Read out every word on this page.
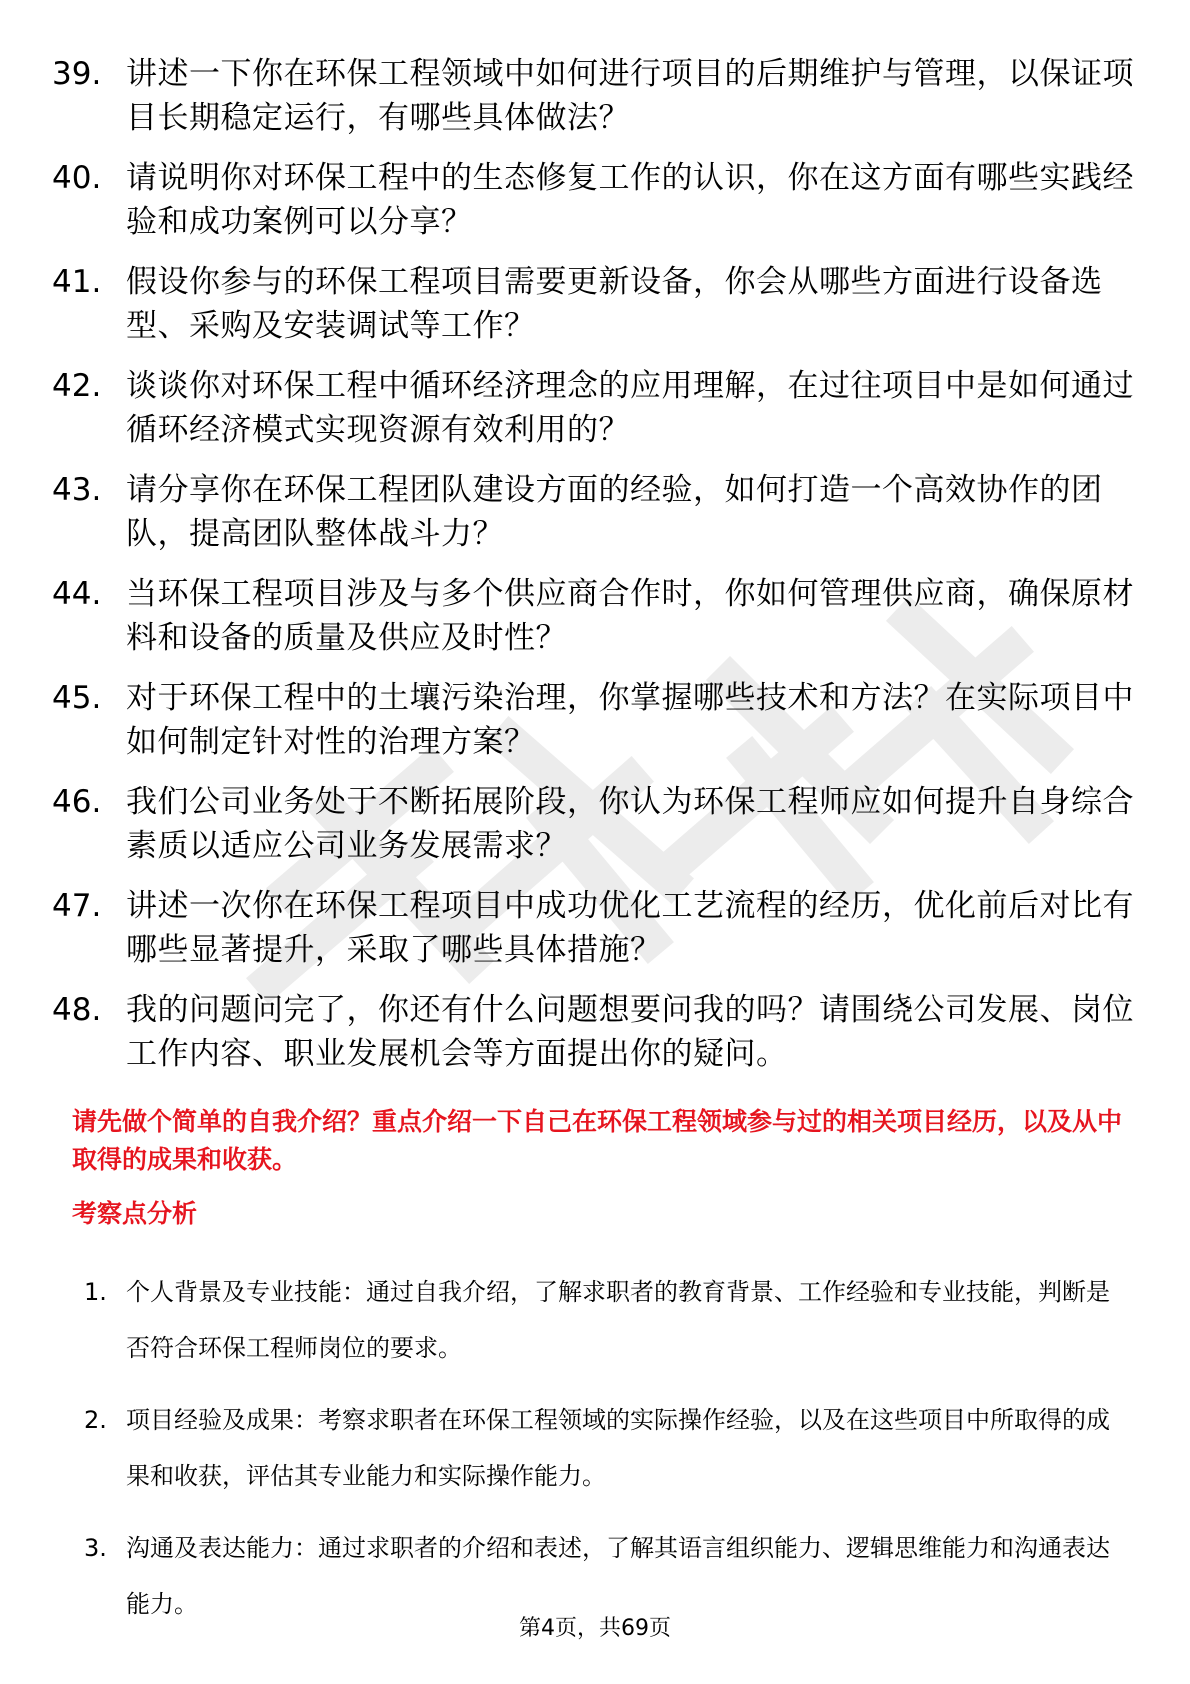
39. 讲述一下你在环保工程领域中如何进行项目的后期维护与管理，以保证项目长期稳定运行，有哪些具体做法？
40. 请说明你对环保工程中的生态修复工作的认识，你在这方面有哪些实践经验和成功案例可以分享？
41. 假设你参与的环保工程项目需要更新设备，你会从哪些方面进行设备选型、采购及安装调试等工作？
42. 谈谈你对环保工程中循环经济理念的应用理解，在过往项目中是如何通过循环经济模式实现资源有效利用的？
43. 请分享你在环保工程团队建设方面的经验，如何打造一个高效协作的团队，提高团队整体战斗力？
44. 当环保工程项目涉及与多个供应商合作时，你如何管理供应商，确保原材料和设备的质量及供应及时性？
45. 对于环保工程中的土壤污染治理，你掌握哪些技术和方法？在实际项目中如何制定针对性的治理方案？
46. 我们公司业务处于不断拓展阶段，你认为环保工程师应如何提升自身综合素质以适应公司业务发展需求？
47. 讲述一次你在环保工程项目中成功优化工艺流程的经历，优化前后对比有哪些显著提升，采取了哪些具体措施？
48. 我的问题问完了，你还有什么问题想要问我的吗？请围绕公司发展、岗位工作内容、职业发展机会等方面提出你的疑问。

请先做个简单的自我介绍？重点介绍一下自己在环保工程领域参与过的相关项目经历，以及从中取得的成果和收获。

考察点分析
1. 个人背景及专业技能：通过自我介绍，了解求职者的教育背景、工作经验和专业技能，判断是否符合环保工程师岗位的要求。
2. 项目经验及成果：考察求职者在环保工程领域的实际操作经验，以及在这些项目中所取得的成果和收获，评估其专业能力和实际操作能力。
3. 沟通及表达能力：通过求职者的介绍和表述，了解其语言组织能力、逻辑思维能力和沟通表达能力。
第4页，共69页
